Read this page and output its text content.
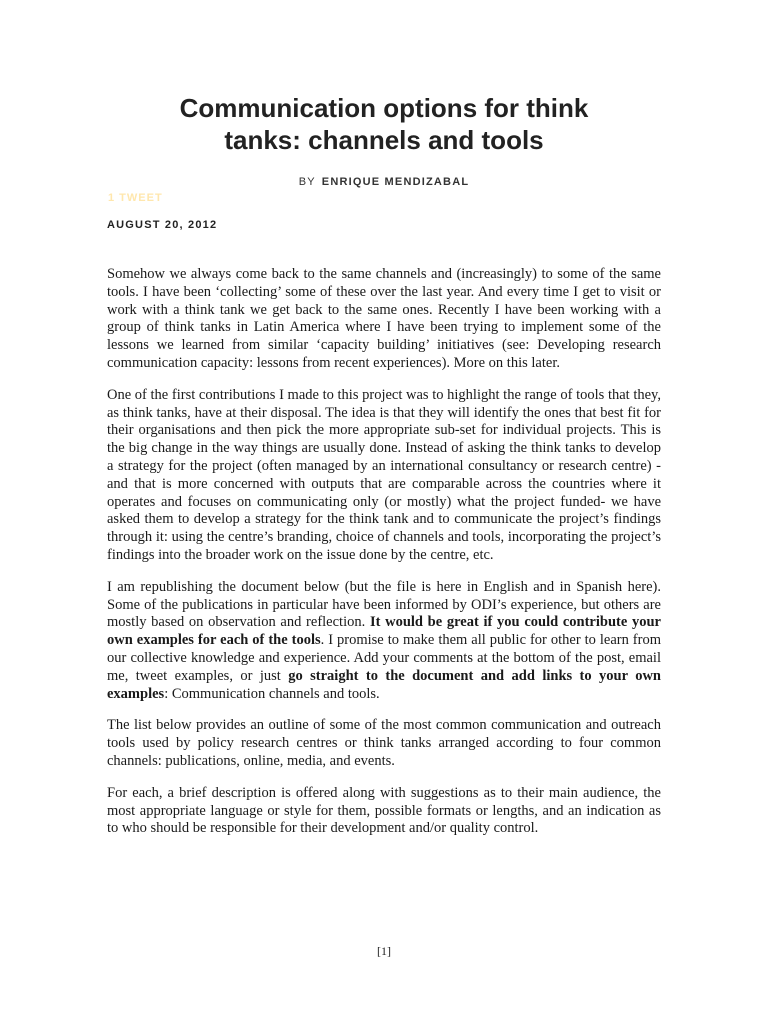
Communication options for think
tanks: channels and tools
BY ENRIQUE MENDIZABAL
1 TWEET
AUGUST 20, 2012

Somehow we always come back to the same channels and (increasingly) to some of the same tools. I have been ‘collecting’ some of these over the last year. And every time I get to visit or work with a think tank we get back to the same ones. Recently I have been working with a group of think tanks in Latin America where I have been trying to implement some of the lessons we learned from similar ‘capacity building’ initiatives (see: Developing research communication capacity: lessons from recent experiences). More on this later.

One of the first contributions I made to this project was to highlight the range of tools that they, as think tanks, have at their disposal. The idea is that they will identify the ones that best fit for their organisations and then pick the more appropriate sub-set for individual projects. This is the big change in the way things are usually done. Instead of asking the think tanks to develop a strategy for the project (often managed by an international consultancy or research centre) -and that is more concerned with outputs that are comparable across the countries where it operates and focuses on communicating only (or mostly) what the project funded- we have asked them to develop a strategy for the think tank and to communicate the project’s findings through it: using the centre’s branding, choice of channels and tools, incorporating the project’s findings into the broader work on the issue done by the centre, etc.

I am republishing the document below (but the file is here in English and in Spanish here). Some of the publications in particular have been informed by ODI’s experience, but others are mostly based on observation and reflection. It would be great if you could contribute your own examples for each of the tools. I promise to make them all public for other to learn from our collective knowledge and experience. Add your comments at the bottom of the post, email me, tweet examples, or just go straight to the document and add links to your own examples: Communication channels and tools.

The list below provides an outline of some of the most common communication and outreach tools used by policy research centres or think tanks arranged according to four common channels: publications, online, media, and events.

For each, a brief description is offered along with suggestions as to their main audience, the most appropriate language or style for them, possible formats or lengths, and an indication as to who should be responsible for their development and/or quality control.

[1]
